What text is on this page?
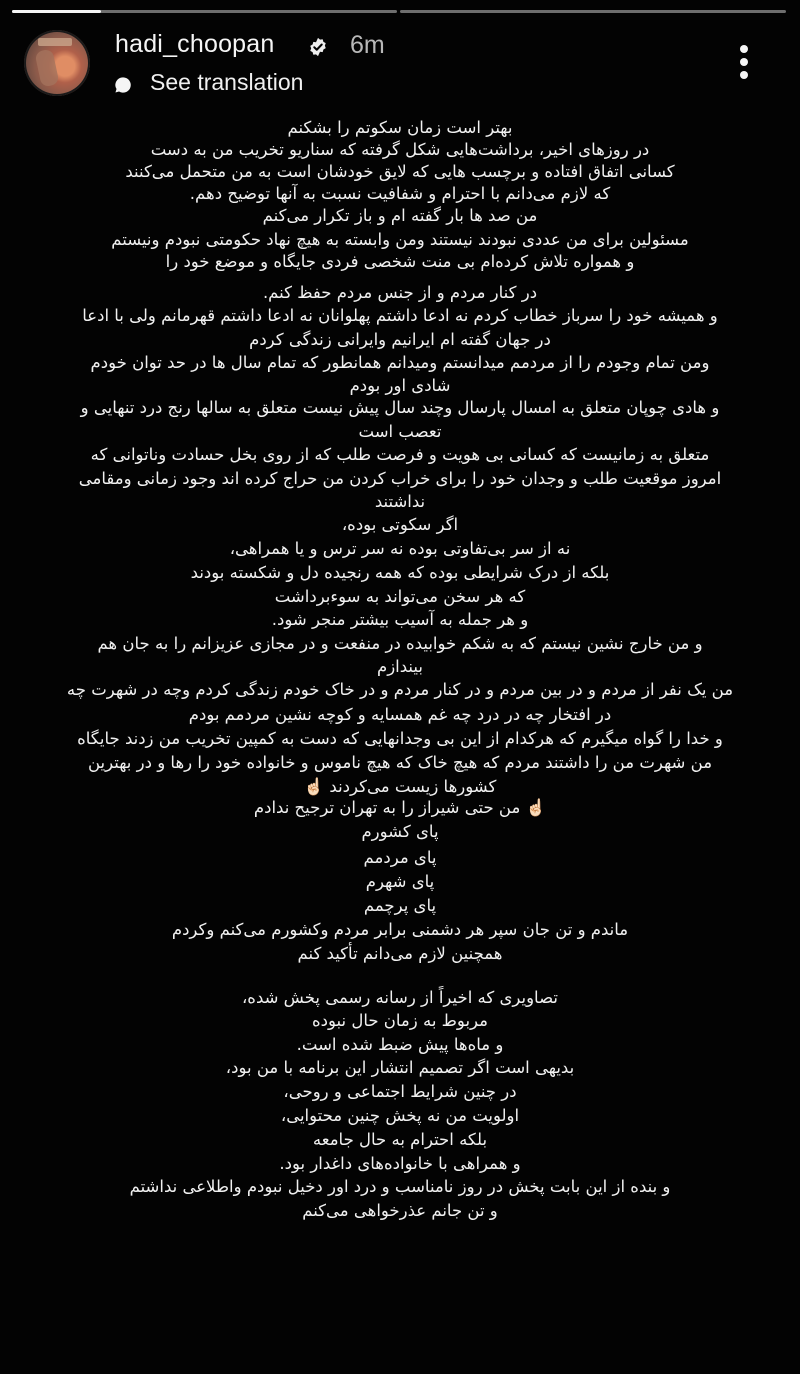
hadi_choopan	6m
See translation
بهتر است زمان سکوتم را بشکنم
در روزهای اخیر، برداشت‌هایی شکل گرفته که سناریو تخریب من به دست
کسانی اتفاق افتاده و برچسب هایی که لایق خودشان است به من متحمل می‌کنند
که لازم می‌دانم با احترام و شفافیت نسبت به آنها توضیح دهم.
من صد ها بار گفته ام و باز تکرار می‌کنم
مسئولین برای من عددی نبودند نیستند ومن وابسته به هیچ نهاد حکومتی نبودم ونیستم
و همواره تلاش کرده‌ام بی منت شخصی فردی جایگاه و موضع خود را
در کنار مردم و از جنس مردم حفظ کنم.
و همیشه خود را سرباز خطاب کردم نه ادعا داشتم پهلوانان نه ادعا داشتم قهرمانم ولی با ادعا
در جهان گفته ام ایرانیم وایرانی زندگی کردم
ومن تمام وجودم را از مردمم میدانستم ومیدانم همانطور که تمام سال ها در حد توان خودم
شادی اور بودم
و هادی چوپان متعلق به امسال پارسال وچند سال پیش نیست متعلق به سالها رنج درد تنهایی و
تعصب است
متعلق به زمانیست که کسانی بی هویت و فرصت طلب که از روی بخل حسادت وناتوانی که
امروز موقعیت طلب و وجدان خود را برای خراب کردن من حراج کرده اند وجود زمانی ومقامی
نداشتند
اگر سکوتی بوده،
نه از سر بی‌تفاوتی بوده نه سر ترس و یا همراهی،
بلکه از درک شرایطی بوده که همه رنجیده دل و شکسته بودند
که هر سخن می‌تواند به سوءبرداشت
و هر جمله به آسیب بیشتر منجر شود.
و من خارج نشین نیستم که به شکم خوابیده در منفعت و در مجازی عزیزانم را به جان هم
بیندازم
من یک نفر از مردم و در بین مردم و در کنار مردم و در خاک خودم زندگی کردم وچه در شهرت چه
در افتخار چه در درد چه غم همسایه و کوچه نشین مردمم بودم
و خدا را گواه میگیرم که هرکدام از این بی وجدانهایی که دست به کمپین تخریب من زدند جایگاه
من شهرت من را داشتند مردم که هیچ خاک که هیچ ناموس و خانواده خود را رها و در بهترین
کشورها زیست می‌کردند ☝🏻
☝🏻 من حتی شیراز را به تهران ترجیح ندادم
پای کشورم
پای مردمم
پای شهرم
پای پرچمم
ماندم و تن جان سپر هر دشمنی برابر مردم وکشورم می‌کنم وکردم
همچنین لازم می‌دانم تأکید کنم
تصاویری که اخیراً از رسانه رسمی پخش شده،
مربوط به زمان حال نبوده
و ماه‌ها پیش ضبط شده است.
بدیهی است اگر تصمیم انتشار این برنامه با من بود،
در چنین شرایط اجتماعی و روحی،
اولویت من نه پخش چنین محتوایی،
بلکه احترام به حال جامعه
و همراهی با خانواده‌های داغدار بود.
و بنده از این بابت پخش در روز نامناسب و درد اور دخیل نبودم واطلاعی نداشتم
و تن جانم عذرخواهی می‌کنم
